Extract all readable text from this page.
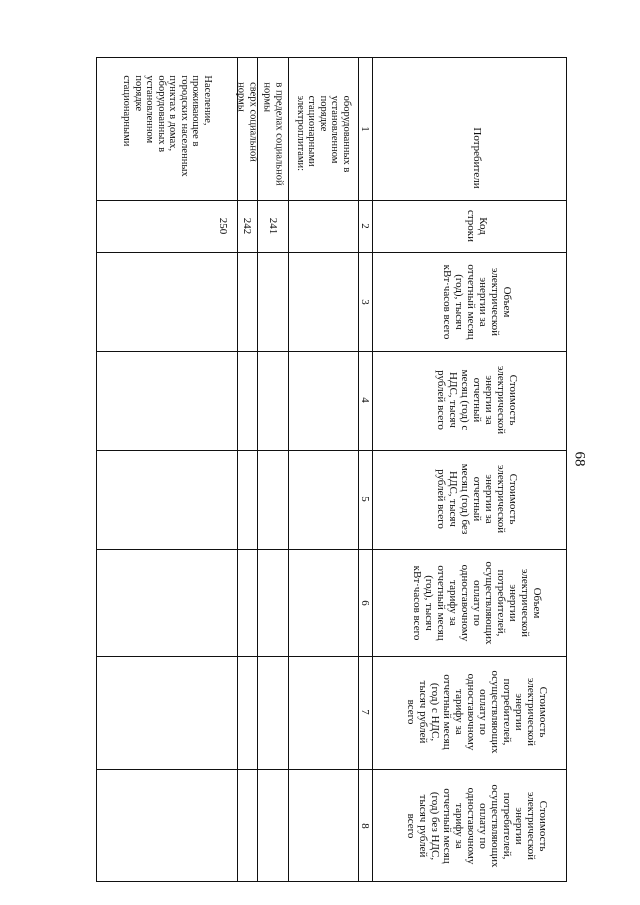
68
Потребители
Код
строки
Объем
электрической
энергии за
отчетный месяц
(год), тысяч
кВт·часов всего
Стоимость
электрической
энергии за
отчетный
месяц (год) с
НДС, тысяч
рублей всего
Стоимость
электрической
энергии за
отчетный
месяц (год) без
НДС, тысяч
рублей всего
Объем
электрической
энергии
потребителей,
осуществляющих
оплату по
одноставочному
тарифу за
отчетный месяц
(год), тысяч
кВт·часов всего
Стоимость
электрической
энергии
потребителей,
осуществляющих
оплату по
одноставочному
тарифу за
отчетный месяц
(год) с НДС,
тысяч рублей
всего
Стоимость
электрической
энергии
потребителей,
осуществляющих
оплату по
одноставочному
тарифу за
отчетный месяц
(год) без НДС,
тысяч рублей
всего
1
2
3
4
5
6
7
8
оборудованных в
установленном
порядке
стационарными
электроплитами:
в пределах социальной
нормы
сверх социальной
нормы
Население,
проживающее в
городских населенных
пунктах в домах,
оборудованных в
установленном
порядке
стационарными
241
242
250
